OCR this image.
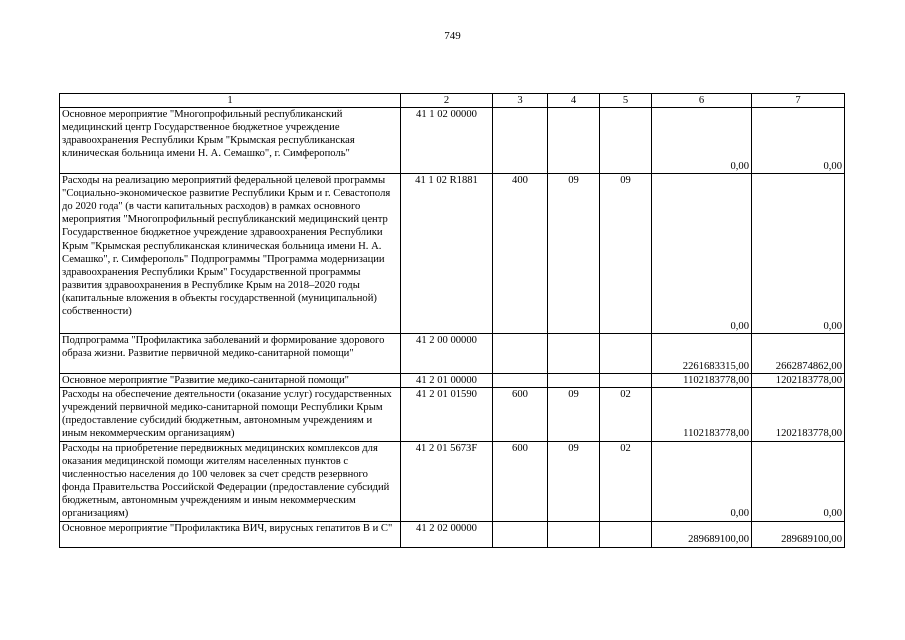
749
1	2	3	4	5	6	7
Основное мероприятие "Многопрофильный республиканский медицинский центр Государственное бюджетное учреждение здравоохранения Республики Крым "Крымская республиканская клиническая больница имени Н. А. Семашко", г. Симферополь"	41 1 02 00000				0,00	0,00
Расходы на реализацию мероприятий федеральной целевой программы "Социально-экономическое развитие Республики Крым и г. Севастополя до 2020 года" (в части капитальных расходов) в рамках основного мероприятия "Многопрофильный республиканский медицинский центр Государственное бюджетное учреждение здравоохранения Республики Крым "Крымская республиканская клиническая больница имени Н. А. Семашко", г. Симферополь" Подпрограммы "Программа модернизации здравоохранения Республики Крым" Государственной программы развития здравоохранения в Республике Крым на 2018–2020 годы (капитальные вложения в объекты государственной (муниципальной) собственности)	41 1 02 R1881	400	09	09	0,00	0,00
Подпрограмма "Профилактика заболеваний и формирование здорового образа жизни. Развитие первичной медико-санитарной помощи"	41 2 00 00000				2261683315,00	2662874862,00
Основное мероприятие "Развитие медико-санитарной помощи"	41 2 01 00000				1102183778,00	1202183778,00
Расходы на обеспечение деятельности (оказание услуг) государственных учреждений первичной медико-санитарной помощи Республики Крым (предоставление субсидий бюджетным, автономным учреждениям и иным некоммерческим организациям)	41 2 01 01590	600	09	02	1102183778,00	1202183778,00
Расходы на приобретение передвижных медицинских комплексов для оказания медицинской помощи жителям населенных пунктов с численностью населения до 100 человек за счет средств резервного фонда Правительства Российской Федерации (предоставление субсидий бюджетным, автономным учреждениям и иным некоммерческим организациям)	41 2 01 5673F	600	09	02	0,00	0,00
Основное мероприятие "Профилактика ВИЧ, вирусных гепатитов В и С"	41 2 02 00000				289689100,00	289689100,00
